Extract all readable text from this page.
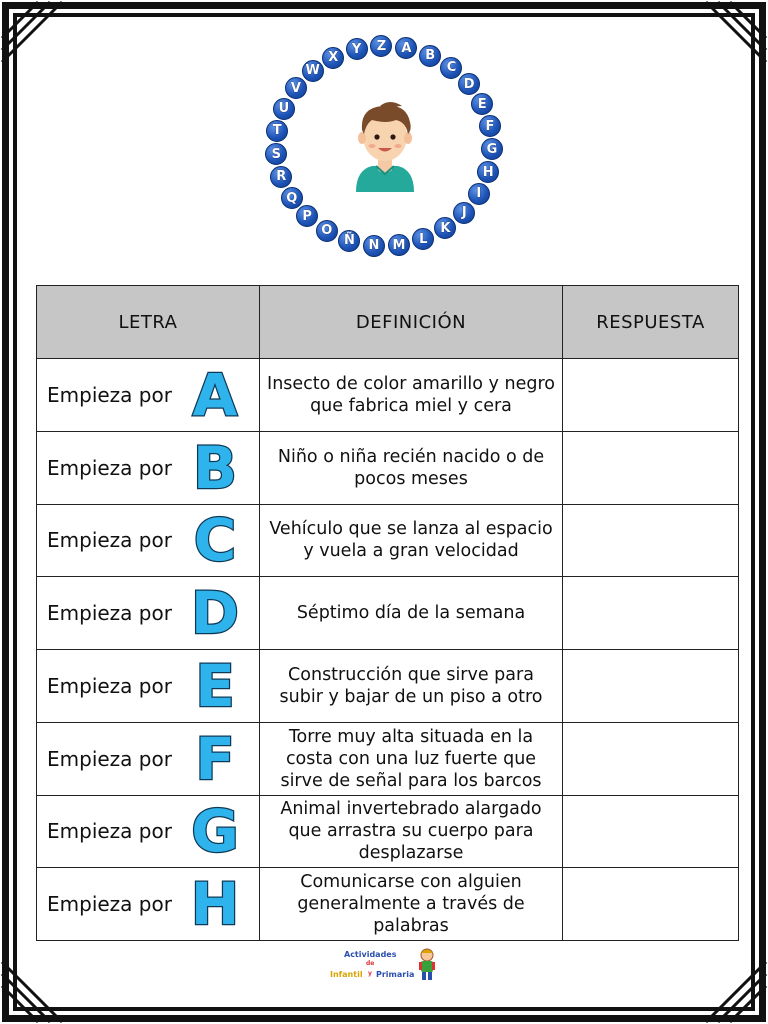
A	B
C
D
E
F
G
H
I
J
K
L
M
N
Ñ
O
P
Q
R
S
T
U
V
W
X
Y	Z
LETRA	DEFINICIÓN	RESPUESTA

Empieza por A	Insecto de color amarillo y negro que fabrica miel y cera	

Empieza por B	Niño o niña recién nacido o de pocos meses	

Empieza por C	Vehículo que se lanza al espacio y vuela a gran velocidad	

Empieza por D	Séptimo día de la semana	

Empieza por E	Construcción que sirve para subir y bajar de un piso a otro	

Empieza por F	Torre muy alta situada en la costa con una luz fuerte que sirve de señal para los barcos	

Empieza por G	Animal invertebrado alargado que arrastra su cuerpo para desplazarse	

Empieza por H	Comunicarse con alguien generalmente a través de palabras	
Actividades
de
Infantil y Primaria
